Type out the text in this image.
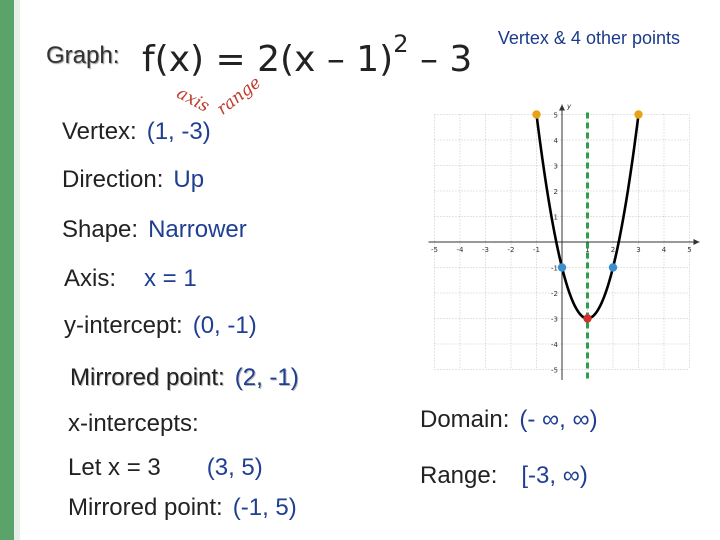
Vertex & 4 other points
Graph: f(x) = 2(x – 1)$^2$ – 3
axis range
Vertex: (1, -3)
Direction: Up
Shape: Narrower
Axis: x = 1
y-intercept: (0, -1)
Mirrored point: (2, -1)
x-intercepts:
Let x = 3 (3, 5)
Mirrored point: (-1, 5)
Domain: (- ∞, ∞)
Range: [-3, ∞)
y
-5	-4	-3	-2	-1	1	2	3	4	5
-5
-4
-3
-2
-1
1
2
3
4
5
